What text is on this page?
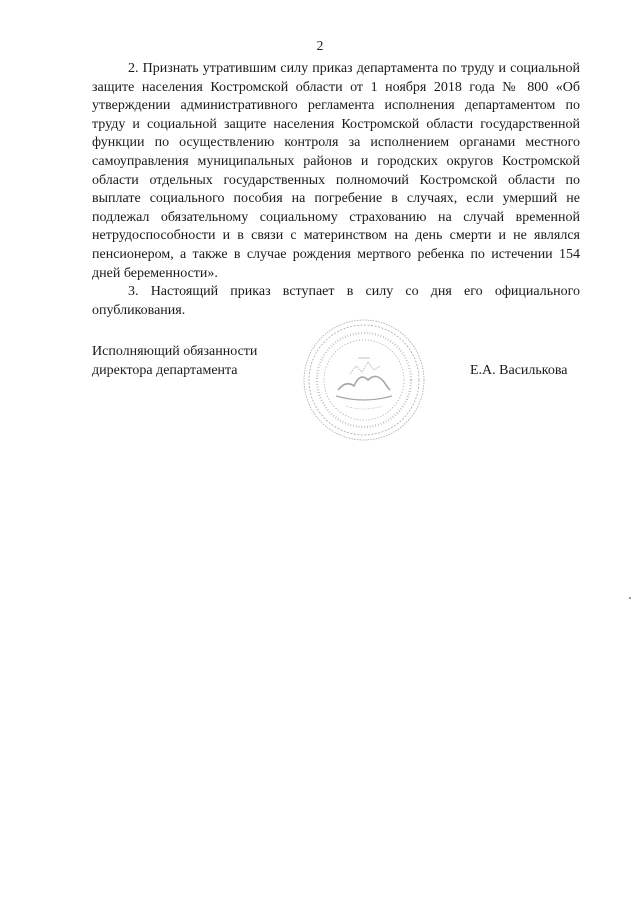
2

2. Признать утратившим силу приказ департамента по труду и социальной защите населения Костромской области от 1 ноября 2018 года № 800 «Об утверждении административного регламента исполнения департаментом по труду и социальной защите населения Костромской области государственной функции по осуществлению контроля за исполнением органами местного самоуправления муниципальных районов и городских округов Костромской области отдельных государственных полномочий Костромской области по выплате социального пособия на погребение в случаях, если умерший не подлежал обязательному социальному страхованию на случай временной нетрудоспособности и в связи с материнством на день смерти и не являлся пенсионером, а также в случае рождения мертвого ребенка по истечении 154 дней беременности».

3. Настоящий приказ вступает в силу со дня его официального опубликования.

Исполняющий обязанности
директора департамента	Е.А. Василькова
